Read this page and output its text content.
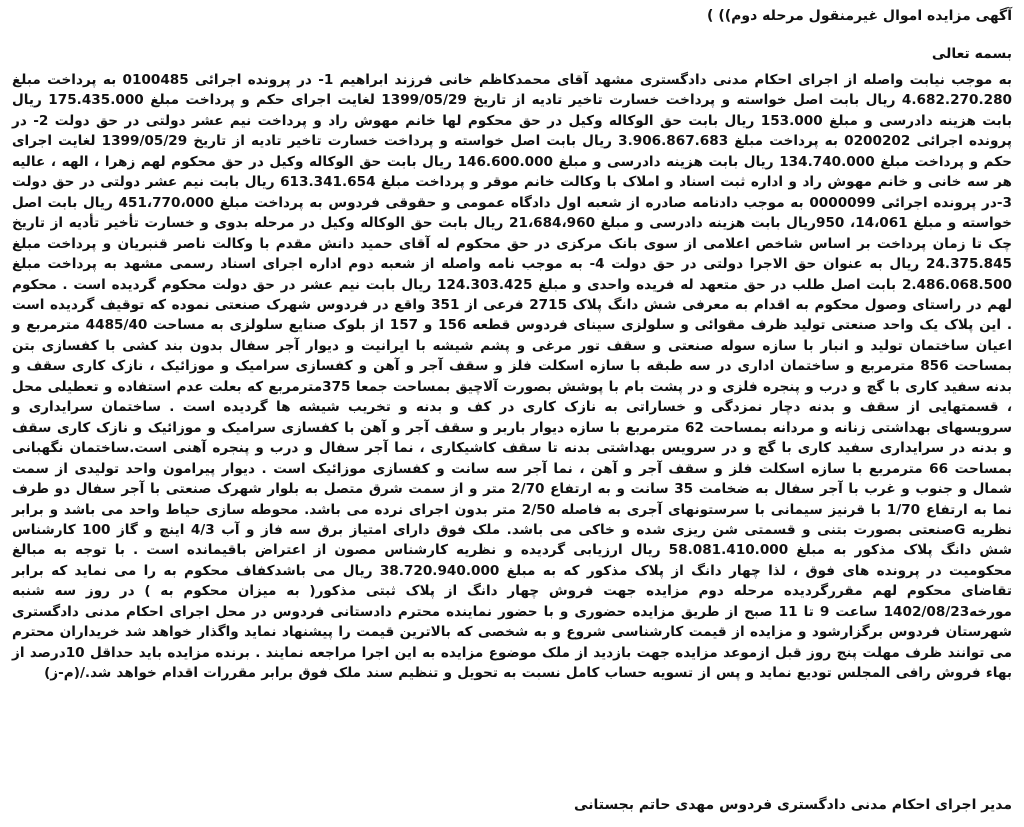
آگهی مزایده اموال غیرمنقول مرحله دوم)) )
بسمه تعالی

به موجب نیابت واصله از اجرای احکام مدنی دادگستری مشهد آقای محمدکاظم خانی فرزند ابراهیم 1- در پرونده اجرائی 0100485 به پرداخت مبلغ 4.682.270.280 ریال بابت اصل خواسته و پرداخت خسارت تاخیر تادیه از تاریخ 1399/05/29 لغایت اجرای حکم و پرداخت مبلغ 175.435.000 ریال بابت هزینه دادرسی و مبلغ 153.000 ریال بابت حق الوکاله وکیل در حق محکوم لها خانم مهوش راد و پرداخت نیم عشر دولتی در حق دولت 2- در پرونده اجرائی 0200202 به پرداخت مبلغ 3.906.867.683 ریال بابت اصل خواسته و پرداخت خسارت تاخیر تادیه از تاریخ 1399/05/29 لغایت اجرای حکم و پرداخت مبلغ 134.740.000 ریال بابت هزینه دادرسی و مبلغ 146.600.000 ریال بابت حق الوکاله وکیل در حق محکوم لهم زهرا ، الهه ، عالیه هر سه خانی و خانم مهوش راد و اداره ثبت اسناد و املاک با وکالت خانم موقر و پرداخت مبلغ 613.341.654 ریال بابت نیم عشر دولتی در حق دولت 3-در پرونده اجرائی 0000099 به موجب دادنامه صادره از شعبه اول دادگاه عمومی و حقوقی فردوس به پرداخت مبلغ 451،770،000 ریال بابت اصل خواسته و مبلغ 14،061، 950ریال بابت هزینه دادرسی و مبلغ 21،684،960 ریال بابت حق الوکاله وکیل در مرحله بدوی و خسارت تأخیر تأدیه از تاریخ چک تا زمان پرداخت بر اساس شاخص اعلامی از سوی بانک مرکزی در حق محکوم له آقای حمید دانش مقدم با وکالت ناصر قنبریان و پرداخت مبلغ 24.375.845 ریال به عنوان حق الاجرا دولتی در حق دولت 4- به موجب نامه واصله از شعبه دوم اداره اجرای اسناد رسمی مشهد به پرداخت مبلغ 2.486.068.500 بابت اصل طلب در حق متعهد له فریده واحدی و مبلغ 124.303.425 ریال بابت نیم عشر در حق دولت محکوم گردیده است . محکوم لهم در راستای وصول محکوم به اقدام به معرفی شش دانگ پلاک 2715 فرعی از 351 واقع در فردوس شهرک صنعتی نموده که توقیف گردیده است . این پلاک یک واحد صنعتی تولید ظرف مقوائی و سلولزی سینای فردوس قطعه 156 و 157 از بلوک صنایع سلولزی به مساحت 4485/40 مترمربع و اعیان ساختمان تولید و انبار با سازه سوله صنعتی و سقف تور مرغی و پشم شیشه با ایرانیت و دیوار آجر سفال بدون بند کشی با کفسازی بتن بمساحت 856 مترمربع و ساختمان اداری در سه طبقه با سازه اسکلت فلز و سقف آجر و آهن و کفسازی سرامیک و موزائیک ، نازک کاری سقف و بدنه سفید کاری با گچ و درب و پنجره فلزی و در پشت بام با پوشش بصورت آلاچیق بمساحت جمعا 375مترمربع که بعلت عدم استفاده و تعطیلی محل ، قسمتهایی از سقف و بدنه دچار نمزدگی و خساراتی به نازک کاری در کف و بدنه و تخریب شیشه ها گردیده است . ساختمان سرایداری و سرویسهای بهداشتی زنانه و مردانه بمساحت 62 مترمربع با سازه دیوار باربر و سقف آجر و آهن با کفسازی سرامیک و موزائیک و نازک کاری سقف و بدنه در سرایداری سفید کاری با گچ و در سرویس بهداشتی بدنه تا سقف کاشیکاری ، نما آجر سفال و درب و پنجره آهنی است.ساختمان نگهبانی بمساحت 66 مترمربع با سازه اسکلت فلز و سقف آجر و آهن ، نما آجر سه سانت و کفسازی موزائیک است . دیوار پیرامون واحد تولیدی از سمت شمال و جنوب و غرب با آجر سفال به ضخامت 35 سانت و به ارتفاع 2/70 متر و از سمت شرق متصل به بلوار شهرک صنعتی با آجر سفال دو طرف نما به ارتفاع 1/70 با قرنیز سیمانی با سرستونهای آجری به فاصله 2/50 متر بدون اجرای نرده می باشد. محوطه سازی حیاط واحد می باشد و برابر نظریه Gصنعتی بصورت بتنی و قسمتی شن ریزی شده و خاکی می باشد. ملک فوق دارای امتیاز برق سه فاز و آب 4/3 اینچ و گاز 100 کارشناس شش دانگ پلاک مذکور به مبلغ 58.081.410.000 ریال ارزیابی گردیده و نظریه کارشناس مصون از اعتراض باقیمانده است . با توجه به مبالغ محکومیت در پرونده های فوق ، لذا چهار دانگ از پلاک مذکور که به مبلغ 38.720.940.000 ریال می باشدکفاف محکوم به را می نماید که برابر تقاضای محکوم لهم مقررگردیده مرحله دوم مزایده جهت فروش چهار دانگ از پلاک ثبتی مذکور( به میزان محکوم به ) در روز سه شنبه مورخه1402/08/23 ساعت 9 تا 11 صبح از طریق مزایده حضوری و با حضور نماینده محترم دادستانی فردوس در محل اجرای احکام مدنی دادگستری شهرستان فردوس برگزارشود و مزایده از قیمت کارشناسی شروع و به شخصی که بالاترین قیمت را پیشنهاد نماید واگذار خواهد شد خریداران محترم می توانند ظرف مهلت پنج روز قبل ازموعد مزایده جهت بازدید از ملک موضوع مزایده به این اجرا مراجعه نمایند . برنده مزایده باید حداقل 10درصد از بهاء فروش رافی المجلس تودیع نماید و پس از تسویه حساب کامل نسبت به تحویل و تنظیم سند ملک فوق برابر مقررات اقدام خواهد شد./(م-ز)

مدیر اجرای احکام مدنی دادگستری فردوس مهدی حاتم بجستانی
